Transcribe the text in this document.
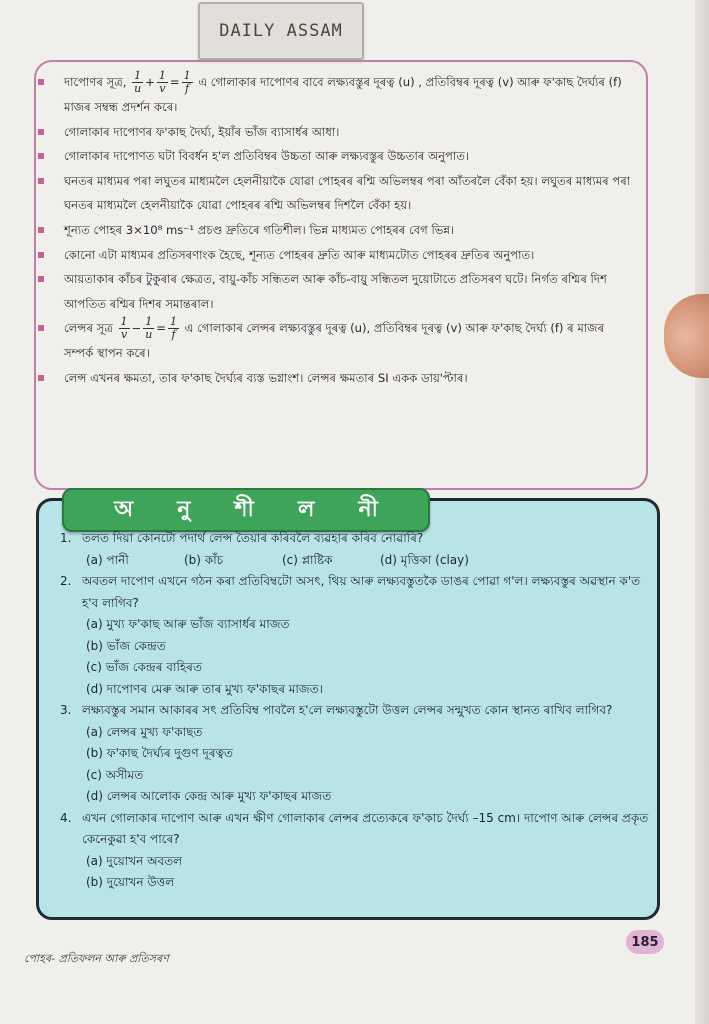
DAILY ASSAM
দাপোণৰ সূত্ৰ, $\frac{1}{u} + \frac{1}{v} = \frac{1}{f}$ এ গোলাকাৰ দাপোণৰ বাবে লক্ষ্যবস্তুৰ দূৰত্ব (u) , প্ৰতিবিম্বৰ দূৰত্ব (v) আৰু ফ'কাছ দৈৰ্ঘ্যৰ (f) মাজৰ সম্বন্ধ প্ৰদৰ্শন কৰে।
গোলাকাৰ দাপোণৰ ফ'কাছ দৈৰ্ঘ্য, ইয়াঁৰ ভাঁজ ব্যাসাৰ্ধৰ আধা।
গোলাকাৰ দাপোণত ঘটা বিবৰ্ধন হ'ল প্ৰতিবিম্বৰ উচ্চতা আৰু লক্ষ্যবস্তুৰ উচ্চতাৰ অনুপাত।
ঘনতৰ মাধ্যমৰ পৰা লঘুতৰ মাধ্যমলৈ হেলনীয়াকৈ যোৱা পোহৰৰ ৰশ্মি অভিলম্বৰ পৰা আঁতৰলৈ বেঁকা হয়। লঘুতৰ মাধ্যমৰ পৰা ঘনতৰ মাধ্যমলৈ হেলনীয়াকৈ যোৱা পোহৰৰ ৰশ্মি অভিলম্বৰ দিশলৈ বেঁকা হয়।
শূন্যত পোহৰ 3×10⁸ ms⁻¹ প্ৰচণ্ড দ্ৰুতিৰে গতিশীল। ভিন্ন মাধ্যমত পোহৰৰ বেগ ভিন্ন।
কোনো এটা মাধ্যমৰ প্ৰতিসৰণাংক হৈছে, শূন্যত পোহৰৰ দ্ৰুতি আৰু মাধ্যমটোত পোহৰৰ দ্ৰুতিৰ অনুপাত।
আয়তাকাৰ কাঁচৰ টুকুৰাৰ ক্ষেত্ৰত, বায়ু-কাঁচ সন্ধিতল আৰু কাঁচ-বায়ু সন্ধিতল দুয়োটাতে প্ৰতিসৰণ ঘটে। নিৰ্গত ৰশ্মিৰ দিশ আপতিত ৰশ্মিৰ দিশৰ সমান্তৰাল।
লেন্সৰ সূত্ৰ $\frac{1}{v} - \frac{1}{u} = \frac{1}{f}$ এ গোলাকাৰ লেন্সৰ লক্ষ্যবস্তুৰ দূৰত্ব (u), প্ৰতিবিম্বৰ দূৰত্ব (v) আৰু ফ'কাছ দৈৰ্ঘ্য (f) ৰ মাজৰ সম্পৰ্ক স্থাপন কৰে।
লেন্স এখনৰ ক্ষমতা, তাৰ ফ'কাছ দৈৰ্ঘ্যৰ ব্যস্ত ভগ্নাংশ। লেন্সৰ ক্ষমতাৰ SI একক ডায়'প্টাৰ।
অ নু শী ল নী
1. তলত দিয়া কোনটো পদাৰ্থ লেন্স তৈয়াৰ কৰিবলৈ ব্যৱহাৰ কৰিব নোৱাৰি?
(a) পানী	(b) কাঁচ	(c) প্লাষ্টিক	(d) মৃত্তিকা (clay)
2. অবতল দাপোণ এখনে গঠন কৰা প্ৰতিবিম্বটো অসৎ, থিয় আৰু লক্ষ্যবস্তুতকৈ ডাঙৰ পোৱা গ'ল। লক্ষ্যবস্তুৰ অৱস্থান ক'ত হ'ব লাগিব?
(a) মুখ্য ফ'কাছ আৰু ভাঁজ ব্যাসাৰ্ধৰ মাজত
(b) ভাঁজ কেন্দ্ৰত
(c) ভাঁজ কেন্দ্ৰৰ বাহিৰত
(d) দাপোণৰ মেৰু আৰু তাৰ মুখ্য ফ'কাছৰ মাজত।
3. লক্ষ্যবস্তুৰ সমান আকাৰৰ সৎ প্ৰতিবিম্ব পাবলৈ হ'লে লক্ষ্যবস্তুটো উত্তল লেন্সৰ সন্মুখত কোন স্থানত ৰাখিব লাগিব?
(a) লেন্সৰ মুখ্য ফ'কাছত
(b) ফ'কাছ দৈৰ্ঘ্যৰ দুগুণ দূৰত্বত
(c) অসীমত
(d) লেন্সৰ আলোক কেন্দ্ৰ আৰু মুখ্য ফ'কাছৰ মাজত
4. এখন গোলাকাৰ দাপোণ আৰু এখন ক্ষীণ গোলাকাৰ লেন্সৰ প্ৰত্যেকৰে ফ'কাচ দৈৰ্ঘ্য –15 cm। দাপোণ আৰু লেন্সৰ প্ৰকৃত কেনেকুৱা হ'ব পাৰে?
(a) দুয়োখন অবতল
(b) দুয়োখন উত্তল
185
পোহৰ- প্ৰতিফলন আৰু প্ৰতিসৰণ
